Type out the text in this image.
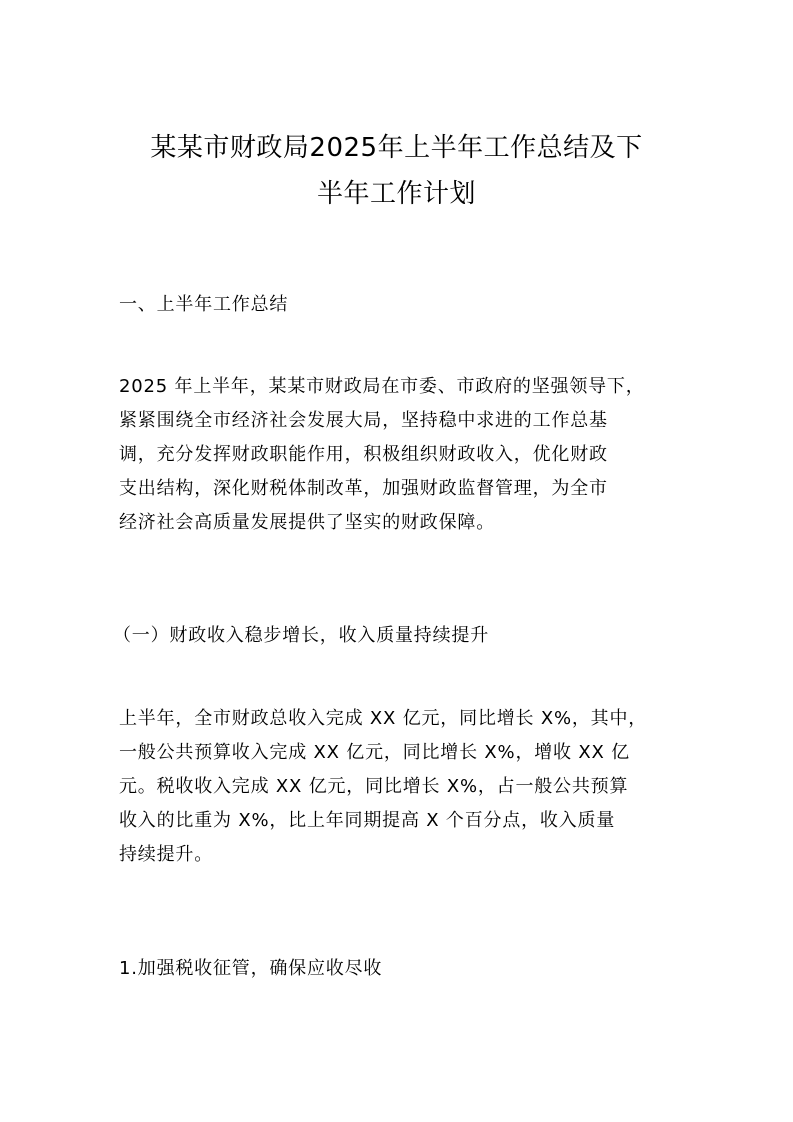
某某市财政局2025年上半年工作总结及下
半年工作计划
一、上半年工作总结
2025 年上半年，某某市财政局在市委、市政府的坚强领导下，
紧紧围绕全市经济社会发展大局，坚持稳中求进的工作总基
调，充分发挥财政职能作用，积极组织财政收入，优化财政
支出结构，深化财税体制改革，加强财政监督管理，为全市
经济社会高质量发展提供了坚实的财政保障。
（一）财政收入稳步增长，收入质量持续提升
上半年，全市财政总收入完成 XX 亿元，同比增长 X%，其中，
一般公共预算收入完成 XX 亿元，同比增长 X%，增收 XX 亿
元。税收收入完成 XX 亿元，同比增长 X%，占一般公共预算
收入的比重为 X%，比上年同期提高 X 个百分点，收入质量
持续提升。
1.加强税收征管，确保应收尽收
